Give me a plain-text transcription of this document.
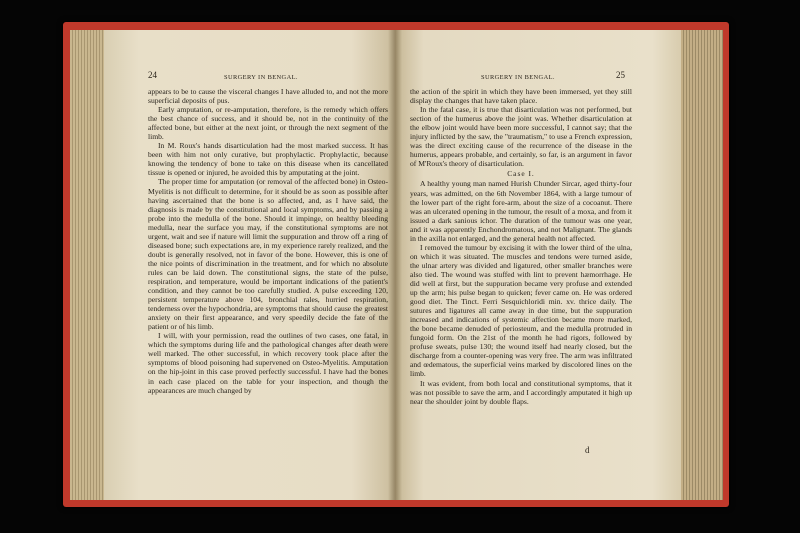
24	SURGERY IN BENGAL.

appears to be to cause the visceral changes I have alluded to, and not the more superficial deposits of pus.

Early amputation, or re-amputation, therefore, is the remedy which offers the best chance of success, and it should be, not in the continuity of the affected bone, but either at the next joint, or through the next segment of the limb.

In M. Roux's hands disarticulation had the most marked success. It has been with him not only curative, but prophylactic. Prophylactic, because knowing the tendency of bone to take on this disease when its cancellated tissue is opened or injured, he avoided this by amputating at the joint.

The proper time for amputation (or removal of the affected bone) in Osteo-Myelitis is not difficult to determine, for it should be as soon as possible after having ascertained that the bone is so affected, and, as I have said, the diagnosis is made by the constitutional and local symptoms, and by passing a probe into the medulla of the bone. Should it impinge, on healthy bleeding medulla, near the surface you may, if the constitutional symptoms are not urgent, wait and see if nature will limit the suppuration and throw off a ring of diseased bone; such expectations are, in my experience rarely realized, and the doubt is generally resolved, not in favor of the bone. However, this is one of the nice points of discrimination in the treatment, and for which no absolute rules can be laid down. The constitutional signs, the state of the pulse, respiration, and temperature, would be important indications of the patient's condition, and they cannot be too carefully studied. A pulse exceeding 120, persistent temperature above 104, bronchial rales, hurried respiration, tenderness over the hypochondria, are symptoms that should cause the greatest anxiety on their first appearance, and very speedily decide the fate of the patient or of his limb.

I will, with your permission, read the outlines of two cases, one fatal, in which the symptoms during life and the pathological changes after death were well marked. The other successful, in which recovery took place after the symptoms of blood poisoning had supervened on Osteo-Myelitis. Amputation on the hip-joint in this case proved perfectly successful. I have had the bones in each case placed on the table for your inspection, and though the appearances are much changed by

SURGERY IN BENGAL.	25

the action of the spirit in which they have been immersed, yet they still display the changes that have taken place.

In the fatal case, it is true that disarticulation was not performed, but section of the humerus above the joint was. Whether disarticulation at the elbow joint would have been more successful, I cannot say; that the injury inflicted by the saw, the "traumatism," to use a French expression, was the direct exciting cause of the recurrence of the disease in the humerus, appears probable, and certainly, so far, is an argument in favor of M'Roux's theory of disarticulation.

Case I.

A healthy young man named Hurish Chunder Sircar, aged thirty-four years, was admitted, on the 6th November 1864, with a large tumour of the lower part of the right fore-arm, about the size of a cocoanut. There was an ulcerated opening in the tumour, the result of a moxa, and from it issued a dark sanious ichor. The duration of the tumour was one year, and it was apparently Enchondromatous, and not Malignant. The glands in the axilla not enlarged, and the general health not affected.

I removed the tumour by excising it with the lower third of the ulna, on which it was situated. The muscles and tendons were turned aside, the ulnar artery was divided and ligatured, other smaller branches were also tied. The wound was stuffed with lint to prevent hæmorrhage. He did well at first, but the suppuration became very profuse and extended up the arm; his pulse began to quicken; fever came on. He was ordered good diet. The Tinct. Ferri Sesquichloridi min. xv. thrice daily. The sutures and ligatures all came away in due time, but the suppuration increased and indications of systemic affection became more marked, the bone became denuded of periosteum, and the medulla protruded in fungoid form. On the 21st of the month he had rigors, followed by profuse sweats, pulse 130; the wound itself had nearly closed, but the discharge from a counter-opening was very free. The arm was infiltrated and œdematous, the superficial veins marked by discolored lines on the limb.

It was evident, from both local and constitutional symptoms, that it was not possible to save the arm, and I accordingly amputated it high up near the shoulder joint by double flaps.

d
